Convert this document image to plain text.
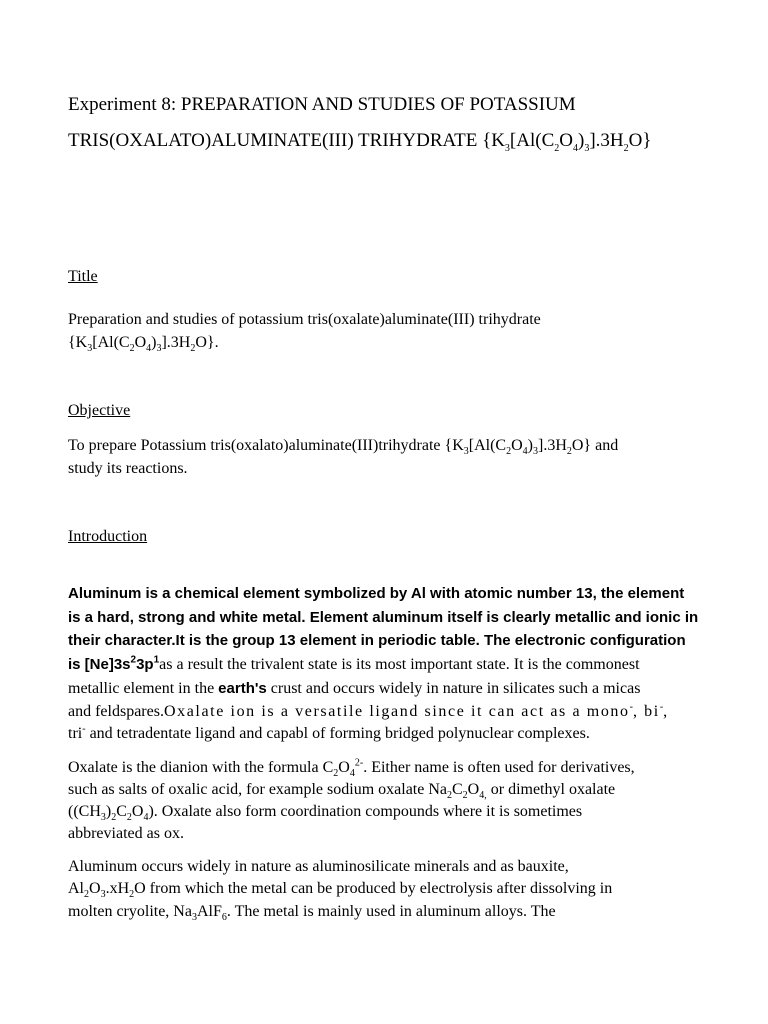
Experiment 8: PREPARATION AND STUDIES OF POTASSIUM
TRIS(OXALATO)ALUMINATE(III) TRIHYDRATE $\{K_3[Al(C_2O_4)_3].3H_2O\}$
Title
Preparation and studies of potassium tris(oxalate)aluminate(III) trihydrate
$\{K_3[Al(C_2O_4)_3].3H_2O\}$.
Objective
To prepare Potassium tris(oxalato)aluminate(III)trihydrate $\{K_3[Al(C_2O_4)_3].3H_2O\}$ and
study its reactions.
Introduction
Aluminum is a chemical element symbolized by Al with atomic number 13, the element
is a hard, strong and white metal. Element aluminum itself is clearly metallic and ionic in
their character.It is the group 13 element in periodic table. The electronic configuration
is $[Ne]3s^23p^1as$ a result the trivalent state is its most important state. It is the commonest
metallic element in the earth's crust and occurs widely in nature in silicates such a micas
and feldspares.Oxalate ion is a versatile ligand since it can act as a mono-, bi-,
tri- and tetradentate ligand and capabl of forming bridged polynuclear complexes.
Oxalate is the dianion with the formula $C_2O_4^{2-}$. Either name is often used for derivatives,
such as salts of oxalic acid, for example sodium oxalate $Na_2C_2O_{4,}$ or dimethyl oxalate
$((CH_3)_2C_2O_4)$. Oxalate also form coordination compounds where it is sometimes
abbreviated as ox.
Aluminum occurs widely in nature as aluminosilicate minerals and as bauxite,
$Al_2O_3.xH_2O$ from which the metal can be produced by electrolysis after dissolving in
molten cryolite, $Na_3AlF_6$. The metal is mainly used in aluminum alloys. The
